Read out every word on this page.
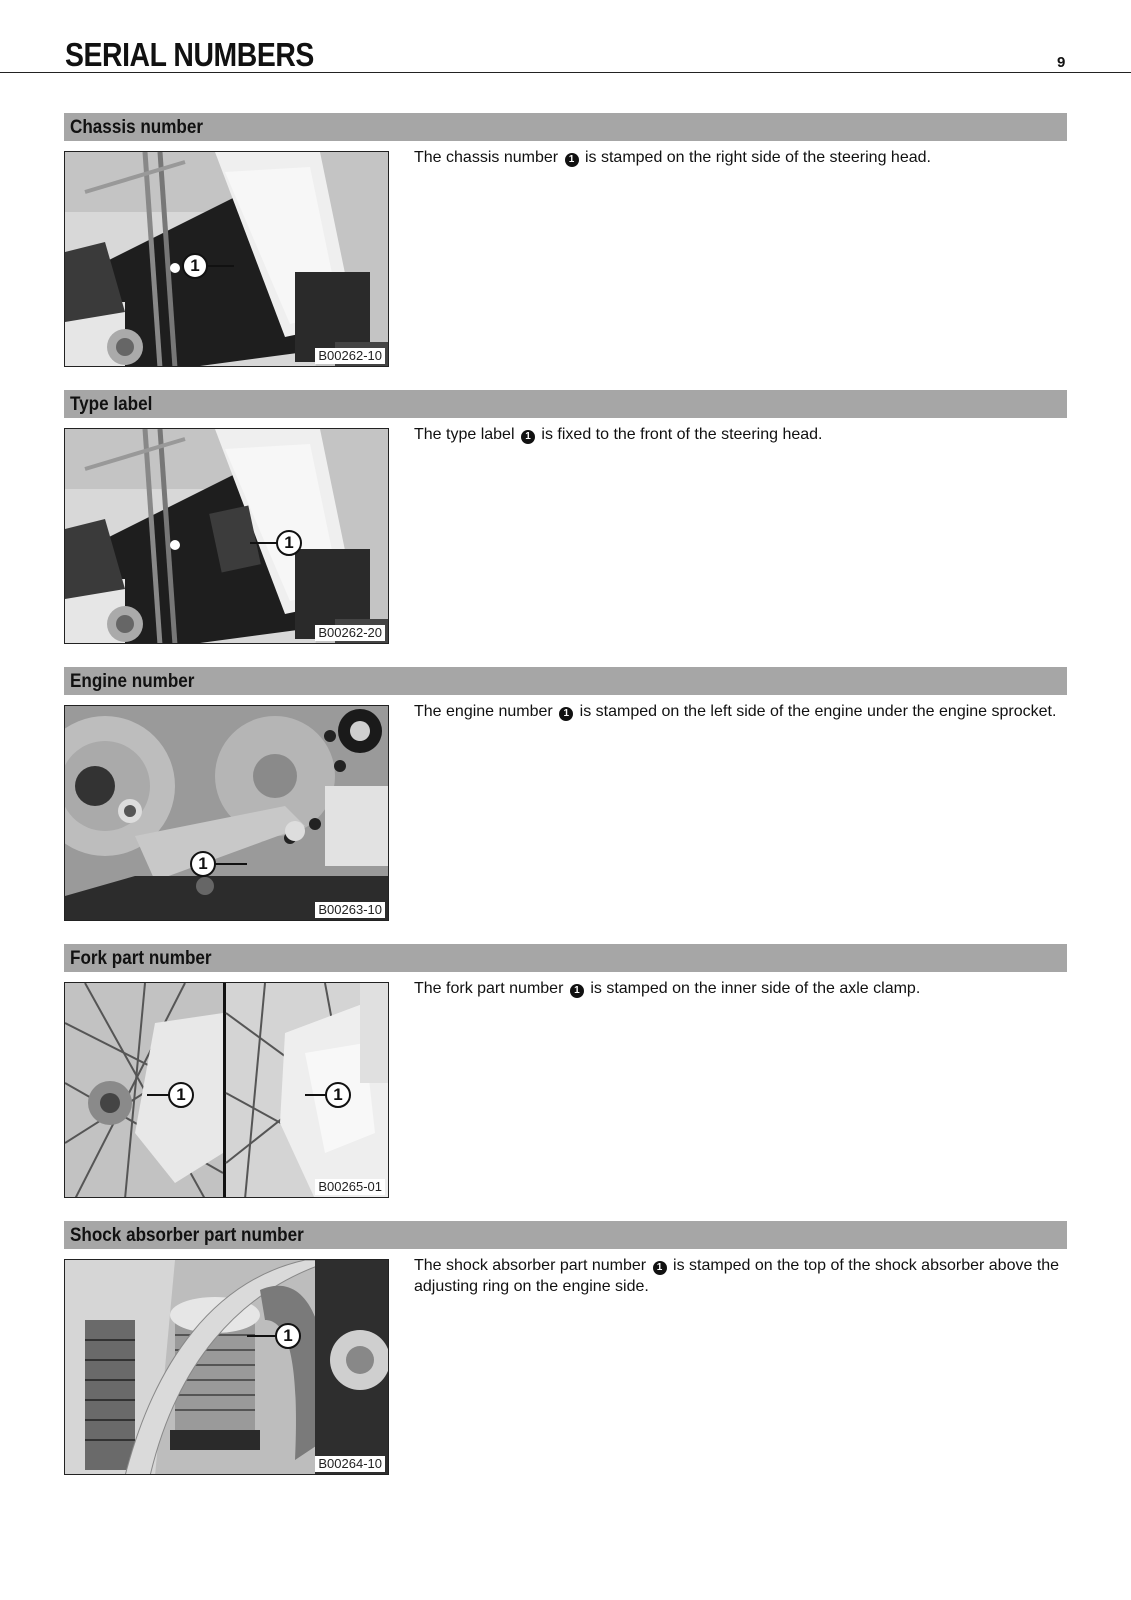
SERIAL NUMBERS	9
Chassis number
1
B00262-10

The chassis number 1 is stamped on the right side of the steering head.

Type label
1
B00262-20

The type label 1 is fixed to the front of the steering head.

Engine number
1
B00263-10

The engine number 1 is stamped on the left side of the engine under the engine sprocket.

Fork part number
1	1
B00265-01

The fork part number 1 is stamped on the inner side of the axle clamp.

Shock absorber part number
1
B00264-10

The shock absorber part number 1 is stamped on the top of the shock absorber above the adjusting ring on the engine side.
